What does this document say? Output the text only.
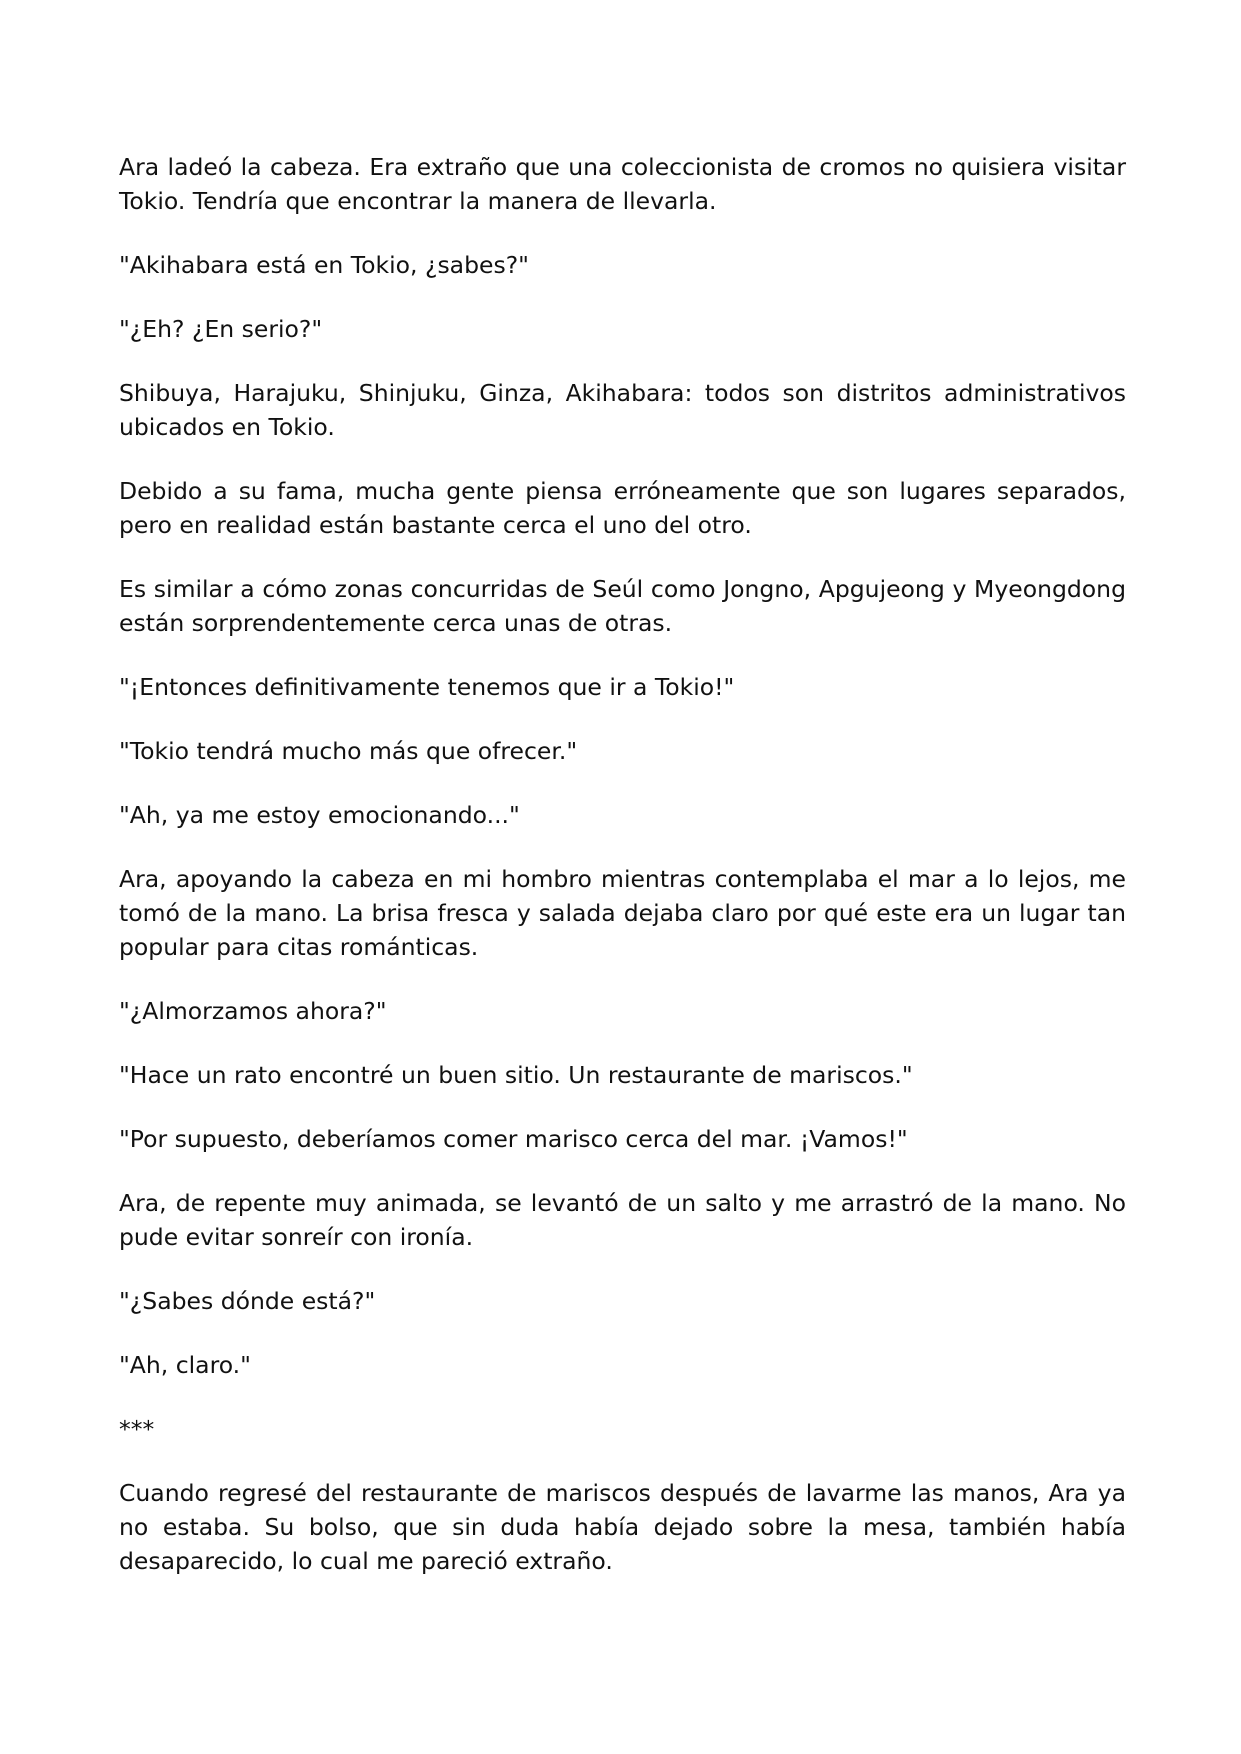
Ara ladeó la cabeza. Era extraño que una coleccionista de cromos no quisiera visitar Tokio. Tendría que encontrar la manera de llevarla.

"Akihabara está en Tokio, ¿sabes?"

"¿Eh? ¿En serio?"

Shibuya, Harajuku, Shinjuku, Ginza, Akihabara: todos son distritos administrativos ubicados en Tokio.

Debido a su fama, mucha gente piensa erróneamente que son lugares separados, pero en realidad están bastante cerca el uno del otro.

Es similar a cómo zonas concurridas de Seúl como Jongno, Apgujeong y Myeongdong están sorprendentemente cerca unas de otras.

"¡Entonces definitivamente tenemos que ir a Tokio!"

"Tokio tendrá mucho más que ofrecer."

"Ah, ya me estoy emocionando..."

Ara, apoyando la cabeza en mi hombro mientras contemplaba el mar a lo lejos, me tomó de la mano. La brisa fresca y salada dejaba claro por qué este era un lugar tan popular para citas románticas.

"¿Almorzamos ahora?"

"Hace un rato encontré un buen sitio. Un restaurante de mariscos."

"Por supuesto, deberíamos comer marisco cerca del mar. ¡Vamos!"

Ara, de repente muy animada, se levantó de un salto y me arrastró de la mano. No pude evitar sonreír con ironía.

"¿Sabes dónde está?"

"Ah, claro."

***

Cuando regresé del restaurante de mariscos después de lavarme las manos, Ara ya no estaba. Su bolso, que sin duda había dejado sobre la mesa, también había desaparecido, lo cual me pareció extraño.
